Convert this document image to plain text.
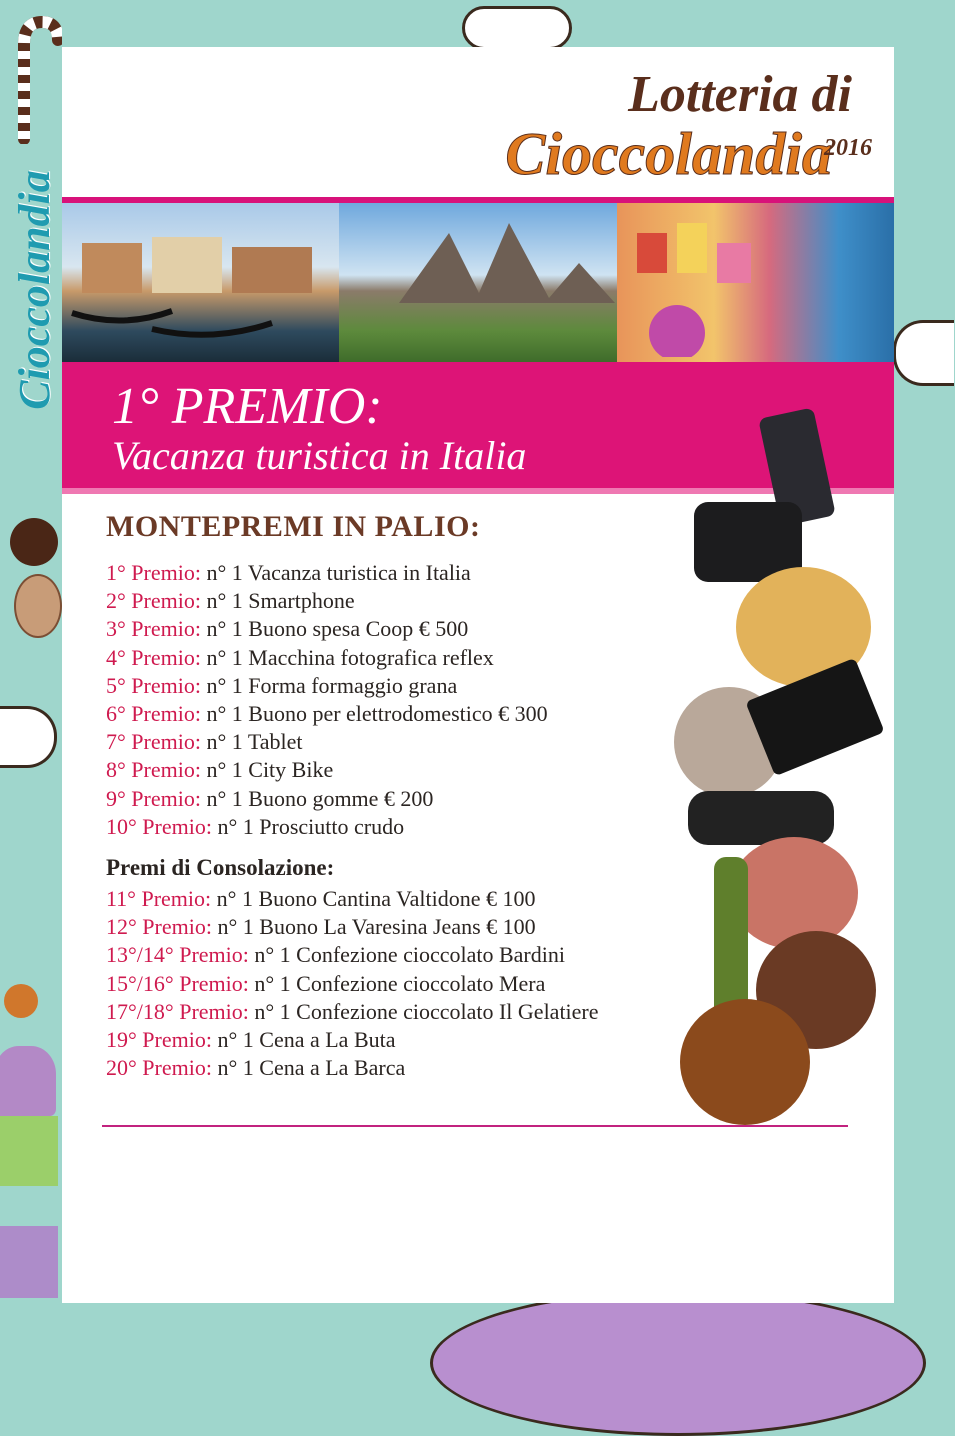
Cioccolandia
Lotteria di
Cioccolandia
2016
1° PREMIO:
Vacanza turistica in Italia
MONTEPREMI IN PALIO:
1° Premio: n° 1 Vacanza turistica in Italia
2° Premio: n° 1 Smartphone
3° Premio: n° 1 Buono spesa Coop € 500
4° Premio: n° 1 Macchina fotografica reflex
5° Premio: n° 1 Forma formaggio grana
6° Premio: n° 1 Buono per elettrodomestico € 300
7° Premio: n° 1 Tablet
8° Premio: n° 1 City Bike
9° Premio: n° 1 Buono gomme € 200
10° Premio: n° 1 Prosciutto crudo
Premi di Consolazione:
11° Premio: n° 1 Buono Cantina Valtidone € 100
12° Premio: n° 1 Buono La Varesina Jeans € 100
13°/14° Premio: n° 1 Confezione cioccolato Bardini
15°/16° Premio: n° 1 Confezione cioccolato Mera
17°/18° Premio: n° 1 Confezione cioccolato Il Gelatiere
19° Premio: n° 1 Cena a La Buta
20° Premio: n° 1 Cena a La Barca
